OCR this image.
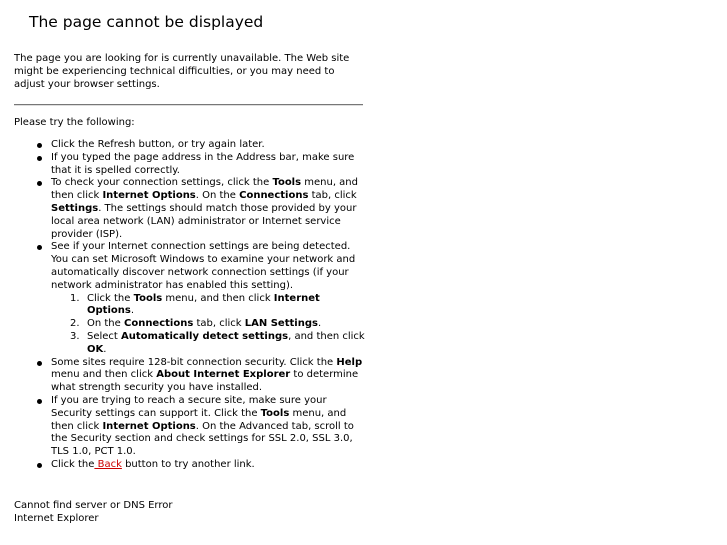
The page cannot be displayed

The page you are looking for is currently unavailable. The Web site might be experiencing technical difficulties, or you may need to adjust your browser settings.

Please try the following:

Click the Refresh button, or try again later.
If you typed the page address in the Address bar, make sure that it is spelled correctly.
To check your connection settings, click the Tools menu, and then click Internet Options. On the Connections tab, click Settings. The settings should match those provided by your local area network (LAN) administrator or Internet service provider (ISP).
See if your Internet connection settings are being detected. You can set Microsoft Windows to examine your network and automatically discover network connection settings (if your network administrator has enabled this setting).
1. Click the Tools menu, and then click Internet Options.
2. On the Connections tab, click LAN Settings.
3. Select Automatically detect settings, and then click OK.
Some sites require 128-bit connection security. Click the Help menu and then click About Internet Explorer to determine what strength security you have installed.
If you are trying to reach a secure site, make sure your Security settings can support it. Click the Tools menu, and then click Internet Options. On the Advanced tab, scroll to the Security section and check settings for SSL 2.0, SSL 3.0, TLS 1.0, PCT 1.0.
Click the Back button to try another link.
Cannot find server or DNS Error
Internet Explorer
